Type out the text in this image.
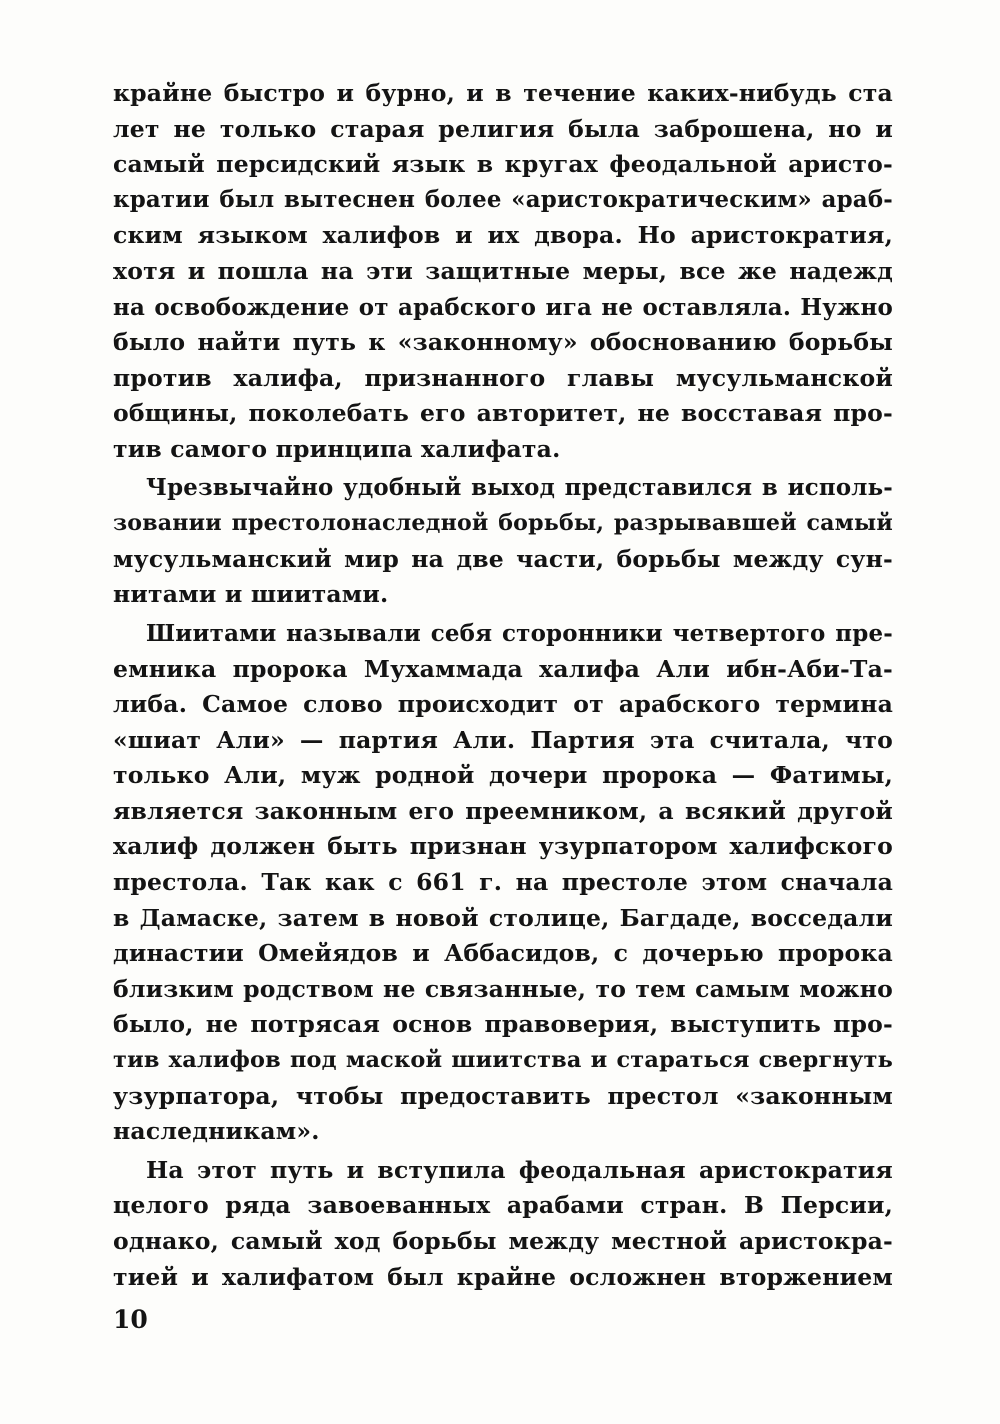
крайне быстро и бурно, и в течение каких-нибудь ста
лет не только старая религия была заброшена, но и
самый персидский язык в кругах феодальной аристо-
кратии был вытеснен более «аристократическим» араб-
ским языком халифов и их двора. Но аристократия,
хотя и пошла на эти защитные меры, все же надежд
на освобождение от арабского ига не оставляла. Нужно
было найти путь к «законному» обоснованию борьбы
против халифа, признанного главы мусульманской
общины, поколебать его авторитет, не восставая про-
тив самого принципа халифата.
Чрезвычайно удобный выход представился в исполь-
зовании престолонаследной борьбы, разрывавшей самый
мусульманский мир на две части, борьбы между сун-
нитами и шиитами.
Шиитами называли себя сторонники четвертого пре-
емника пророка Мухаммада халифа Али ибн-Аби-Та-
либа. Самое слово происходит от арабского термина
«шиат Али» — партия Али. Партия эта считала, что
только Али, муж родной дочери пророка — Фатимы,
является законным его преемником, а всякий другой
халиф должен быть признан узурпатором халифского
престола. Так как с 661 г. на престоле этом сначала
в Дамаске, затем в новой столице, Багдаде, восседали
династии Омейядов и Аббасидов, с дочерью пророка
близким родством не связанные, то тем самым можно
было, не потрясая основ правоверия, выступить про-
тив халифов под маской шиитства и стараться свергнуть
узурпатора, чтобы предоставить престол «законным
наследникам».
На этот путь и вступила феодальная аристократия
целого ряда завоеванных арабами стран. В Персии,
однако, самый ход борьбы между местной аристокра-
тией и халифатом был крайне осложнен вторжением
10
